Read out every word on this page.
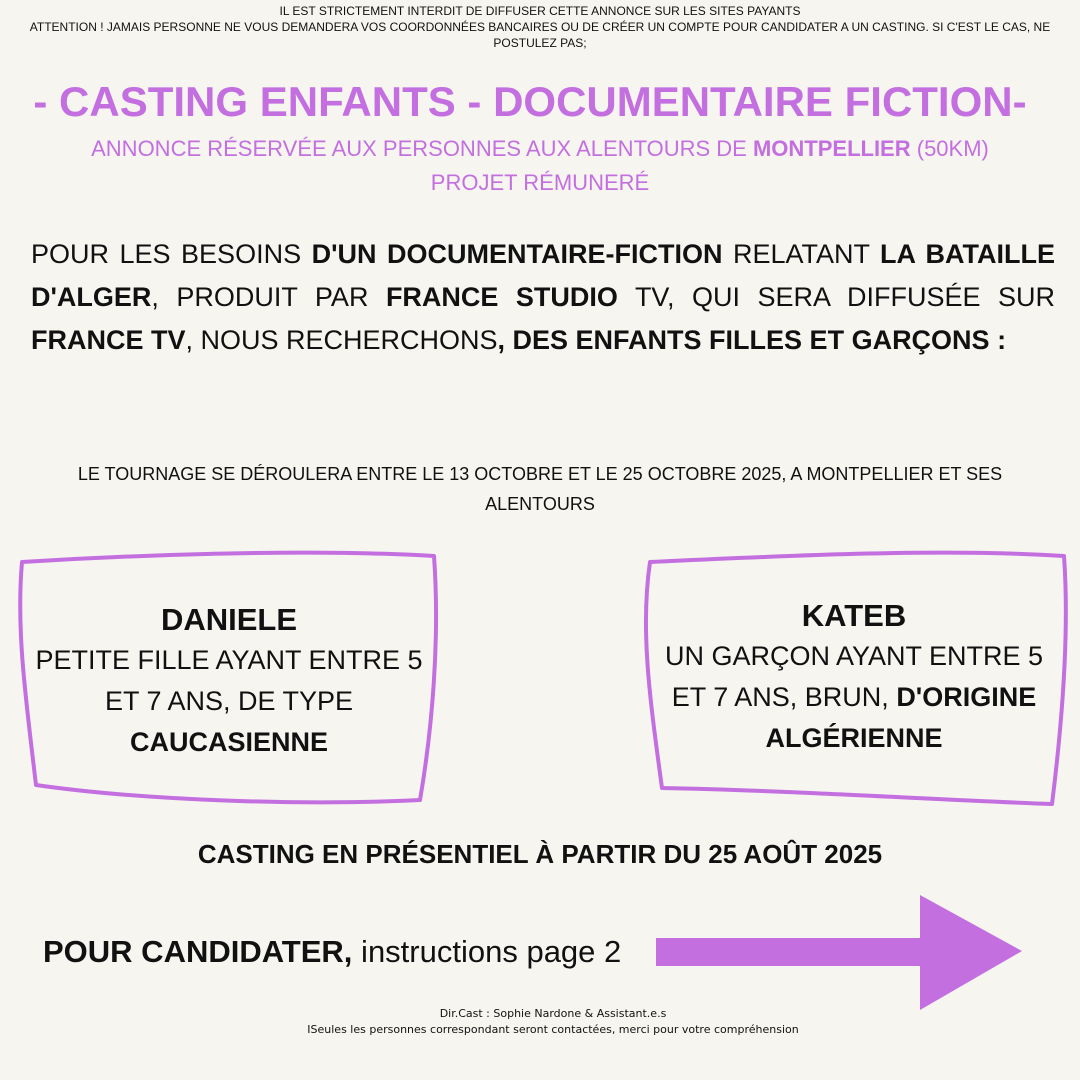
IL EST STRICTEMENT INTERDIT DE DIFFUSER CETTE ANNONCE SUR LES SITES PAYANTS
ATTENTION ! JAMAIS PERSONNE NE VOUS DEMANDERA VOS COORDONNÉES BANCAIRES OU DE CRÉER UN COMPTE POUR CANDIDATER A UN CASTING. SI C'EST LE CAS, NE POSTULEZ PAS;
- CASTING ENFANTS - DOCUMENTAIRE FICTION-
ANNONCE RÉSERVÉE AUX PERSONNES AUX ALENTOURS DE MONTPELLIER (50KM)
PROJET RÉMUNERÉ
POUR LES BESOINS D'UN DOCUMENTAIRE-FICTION RELATANT LA BATAILLE D'ALGER, PRODUIT PAR FRANCE STUDIO TV, QUI SERA DIFFUSÉE SUR FRANCE TV, NOUS RECHERCHONS, DES ENFANTS FILLES ET GARÇONS :
LE TOURNAGE SE DÉROULERA ENTRE LE 13 OCTOBRE ET LE 25 OCTOBRE 2025, A MONTPELLIER ET SES ALENTOURS
DANIELE
PETITE FILLE AYANT ENTRE 5
ET 7 ANS, DE TYPE
CAUCASIENNE
KATEB
UN GARÇON AYANT ENTRE 5
ET 7 ANS, BRUN, D'ORIGINE
ALGÉRIENNE
CASTING EN PRÉSENTIEL À PARTIR DU 25 AOÛT 2025
POUR CANDIDATER, instructions page 2
Dir.Cast : Sophie Nardone & Assistant.e.s
ISeules les personnes correspondant seront contactées, merci pour votre compréhension
